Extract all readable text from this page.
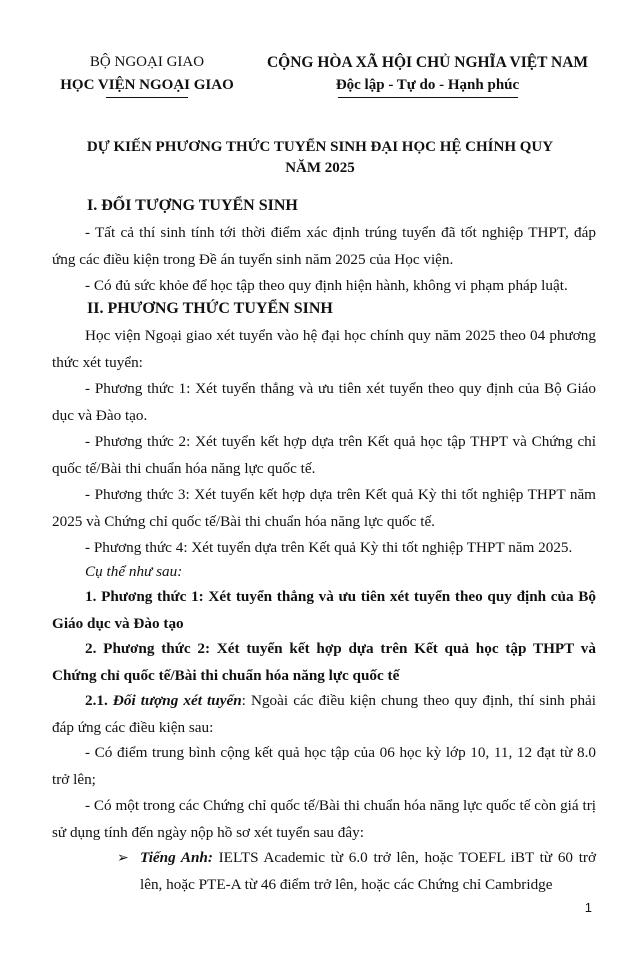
BỘ NGOẠI GIAO
HỌC VIỆN NGOẠI GIAO
CỘNG HÒA XÃ HỘI CHỦ NGHĨA VIỆT NAM
Độc lập - Tự do - Hạnh phúc
DỰ KIẾN PHƯƠNG THỨC TUYỂN SINH ĐẠI HỌC HỆ CHÍNH QUY
NĂM 2025
I. ĐỐI TƯỢNG TUYỂN SINH
- Tất cả thí sinh tính tới thời điểm xác định trúng tuyển đã tốt nghiệp THPT, đáp ứng các điều kiện trong Đề án tuyển sinh năm 2025 của Học viện.
- Có đủ sức khỏe để học tập theo quy định hiện hành, không vi phạm pháp luật.
II. PHƯƠNG THỨC TUYỂN SINH
Học viện Ngoại giao xét tuyển vào hệ đại học chính quy năm 2025 theo 04 phương thức xét tuyển:
- Phương thức 1: Xét tuyển thẳng và ưu tiên xét tuyển theo quy định của Bộ Giáo dục và Đào tạo.
- Phương thức 2: Xét tuyển kết hợp dựa trên Kết quả học tập THPT và Chứng chỉ quốc tế/Bài thi chuẩn hóa năng lực quốc tế.
- Phương thức 3: Xét tuyển kết hợp dựa trên Kết quả Kỳ thi tốt nghiệp THPT năm 2025 và Chứng chỉ quốc tế/Bài thi chuẩn hóa năng lực quốc tế.
- Phương thức 4: Xét tuyển dựa trên Kết quả Kỳ thi tốt nghiệp THPT năm 2025.
Cụ thể như sau:
1. Phương thức 1: Xét tuyển thẳng và ưu tiên xét tuyển theo quy định của Bộ Giáo dục và Đào tạo
2. Phương thức 2: Xét tuyển kết hợp dựa trên Kết quả học tập THPT và Chứng chỉ quốc tế/Bài thi chuẩn hóa năng lực quốc tế
2.1. Đối tượng xét tuyển: Ngoài các điều kiện chung theo quy định, thí sinh phải đáp ứng các điều kiện sau:
- Có điểm trung bình cộng kết quả học tập của 06 học kỳ lớp 10, 11, 12 đạt từ 8.0 trở lên;
- Có một trong các Chứng chỉ quốc tế/Bài thi chuẩn hóa năng lực quốc tế còn giá trị sử dụng tính đến ngày nộp hồ sơ xét tuyển sau đây:
➢ Tiếng Anh: IELTS Academic từ 6.0 trở lên, hoặc TOEFL iBT từ 60 trở lên, hoặc PTE-A từ 46 điểm trở lên, hoặc các Chứng chỉ Cambridge
1
